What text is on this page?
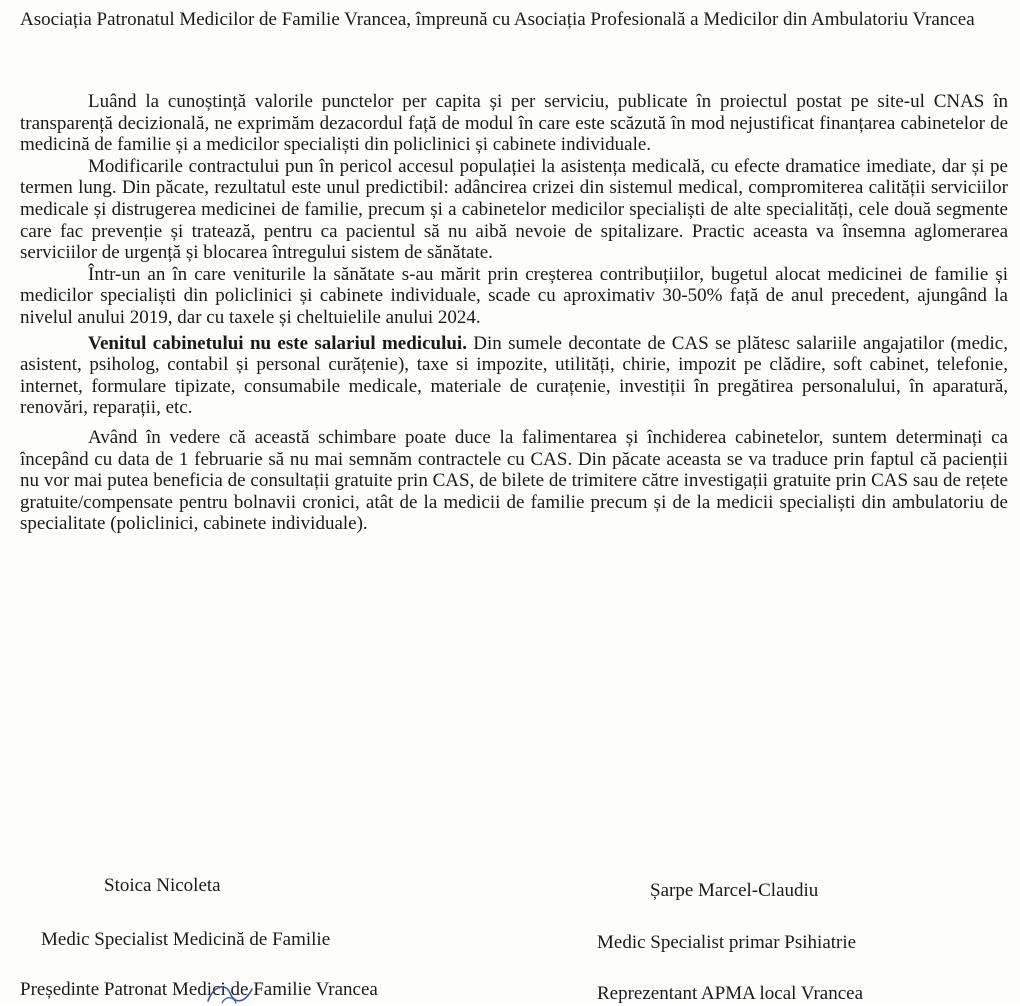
Asociația Patronatul Medicilor de Familie Vrancea, împreună cu Asociația Profesională a Medicilor din Ambulatoriu Vrancea

Luând la cunoștință valorile punctelor per capita și per serviciu, publicate în proiectul postat pe site-ul CNAS în transparență decizională, ne exprimăm dezacordul față de modul în care este scăzută în mod nejustificat finanțarea cabinetelor de medicină de familie și a medicilor specialiști din policlinici și cabinete individuale.

Modificarile contractului pun în pericol accesul populației la asistența medicală, cu efecte dramatice imediate, dar și pe termen lung. Din păcate, rezultatul este unul predictibil: adâncirea crizei din sistemul medical, compromiterea calității serviciilor medicale și distrugerea medicinei de familie, precum și a cabinetelor medicilor specialiști de alte specialități, cele două segmente care fac prevenție și tratează, pentru ca pacientul să nu aibă nevoie de spitalizare. Practic aceasta va însemna aglomerarea serviciilor de urgență și blocarea întregului sistem de sănătate.

Într-un an în care veniturile la sănătate s-au mărit prin creșterea contribuțiilor, bugetul alocat medicinei de familie și medicilor specialiști din policlinici și cabinete individuale, scade cu aproximativ 30-50% față de anul precedent, ajungând la nivelul anului 2019, dar cu taxele și cheltuielile anului 2024.

Venitul cabinetului nu este salariul medicului. Din sumele decontate de CAS se plătesc salariile angajatilor (medic, asistent, psiholog, contabil și personal curățenie), taxe si impozite, utilități, chirie, impozit pe clădire, soft cabinet, telefonie, internet, formulare tipizate, consumabile medicale, materiale de curațenie, investiții în pregătirea personalului, în aparatură, renovări, reparații, etc.

Având în vedere că această schimbare poate duce la falimentarea și închiderea cabinetelor, suntem determinați ca începând cu data de 1 februarie să nu mai semnăm contractele cu CAS. Din păcate aceasta se va traduce prin faptul că pacienții nu vor mai putea beneficia de consultații gratuite prin CAS, de bilete de trimitere către investigații gratuite prin CAS sau de rețete gratuite/compensate pentru bolnavii cronici, atât de la medicii de familie precum și de la medicii specialiști din ambulatoriu de specialitate (policlinici, cabinete individuale).

Stoica Nicoleta
Medic Specialist Medicină de Familie
Președinte Patronat Medici de Familie Vrancea
Șarpe Marcel-Claudiu
Medic Specialist primar Psihiatrie
Reprezentant APMA local Vrancea
